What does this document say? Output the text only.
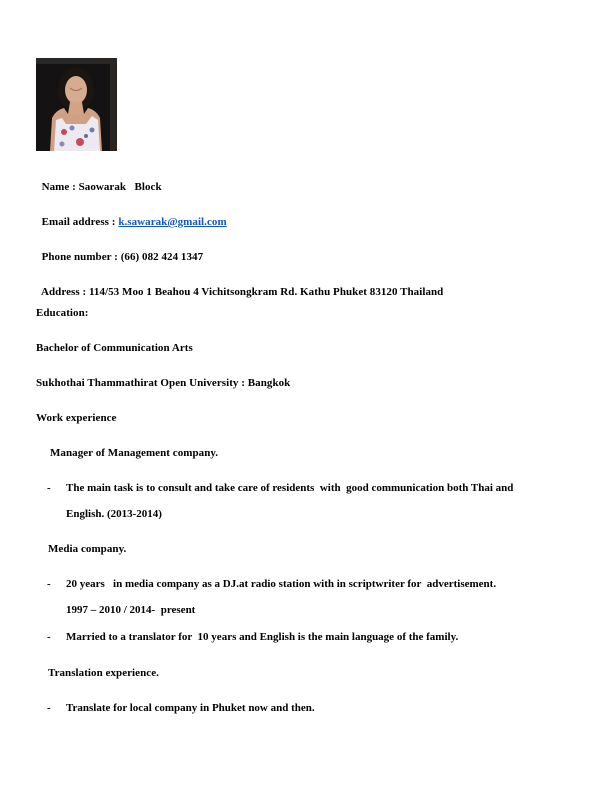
Name : Saowarak   Block

Email address : k.sawarak@gmail.com

Phone number : (66) 082 424 1347

Address : 114/53 Moo 1 Beahou 4 Vichitsongkram Rd. Kathu Phuket 83120 Thailand

Education:
Bachelor of Communication Arts
Sukhothai Thammathirat Open University : Bangkok
Work experience
Manager of Management company.
- The main task is to consult and take care of residents  with  good communication both Thai and
English. (2013-2014)
Media company.
- 20 years   in media company as a DJ.at radio station with in scriptwriter for  advertisement.
1997 – 2010 / 2014-  present
- Married to a translator for  10 years and English is the main language of the family.
Translation experience.
- Translate for local company in Phuket now and then.
